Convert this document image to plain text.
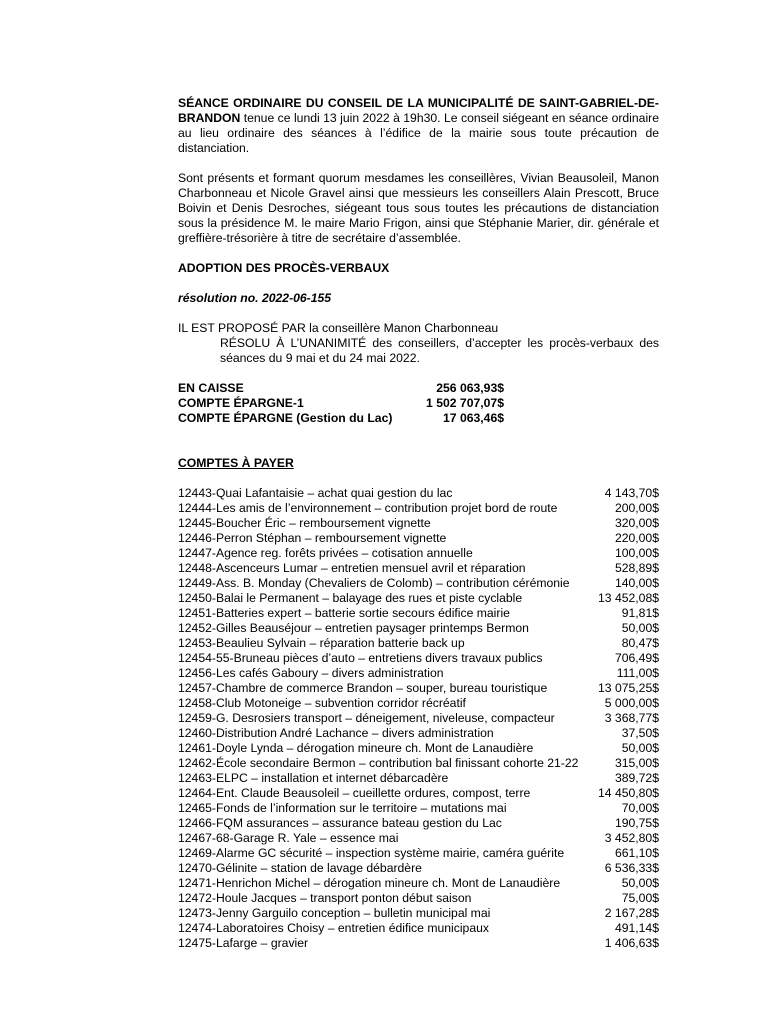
SÉANCE ORDINAIRE DU CONSEIL DE LA MUNICIPALITÉ DE SAINT-GABRIEL-DE-BRANDON tenue ce lundi 13 juin 2022 à 19h30. Le conseil siégeant en séance ordinaire au lieu ordinaire des séances à l’édifice de la mairie sous toute précaution de distanciation.

Sont présents et formant quorum mesdames les conseillères, Vivian Beausoleil, Manon Charbonneau et Nicole Gravel ainsi que messieurs les conseillers Alain Prescott, Bruce Boivin et Denis Desroches, siégeant tous sous toutes les précautions de distanciation sous la présidence M. le maire Mario Frigon, ainsi que Stéphanie Marier, dir. générale et greffière-trésorière à titre de secrétaire d’assemblée.

ADOPTION DES PROCÈS-VERBAUX

résolution no. 2022-06-155

IL EST PROPOSÉ PAR la conseillère Manon Charbonneau

RÉSOLU À L’UNANIMITÉ des conseillers, d’accepter les procès-verbaux des séances du 9 mai et du 24 mai 2022.

EN CAISSE	256 063,93$
COMPTE ÉPARGNE-1	1 502 707,07$
COMPTE ÉPARGNE (Gestion du Lac)	17 063,46$

COMPTES À PAYER

12443-Quai Lafantaisie – achat quai gestion du lac	4 143,70$
12444-Les amis de l’environnement – contribution projet bord de route	200,00$
12445-Boucher Éric – remboursement vignette	320,00$
12446-Perron Stéphan – remboursement vignette	220,00$
12447-Agence reg. forêts privées – cotisation annuelle	100,00$
12448-Ascenceurs Lumar – entretien mensuel avril et réparation	528,89$
12449-Ass. B. Monday (Chevaliers de Colomb) – contribution cérémonie	140,00$
12450-Balai le Permanent – balayage des rues et piste cyclable	13 452,08$
12451-Batteries expert – batterie sortie secours édifice mairie	91,81$
12452-Gilles Beauséjour – entretien paysager printemps Bermon	50,00$
12453-Beaulieu Sylvain – réparation batterie back up	80,47$
12454-55-Bruneau pièces d’auto – entretiens divers travaux publics	706,49$
12456-Les cafés Gaboury – divers administration	111,00$
12457-Chambre de commerce Brandon – souper, bureau touristique	13 075,25$
12458-Club Motoneige – subvention corridor récréatif	5 000,00$
12459-G. Desrosiers transport – déneigement, niveleuse, compacteur	3 368,77$
12460-Distribution André Lachance – divers administration	37,50$
12461-Doyle Lynda – dérogation mineure ch. Mont de Lanaudière	50,00$
12462-École secondaire Bermon – contribution bal finissant cohorte 21-22	315,00$
12463-ELPC – installation et internet débarcadère	389,72$
12464-Ent. Claude Beausoleil – cueillette ordures, compost, terre	14 450,80$
12465-Fonds de l’information sur le territoire – mutations mai	70,00$
12466-FQM assurances – assurance bateau gestion du Lac	190,75$
12467-68-Garage R. Yale – essence mai	3 452,80$
12469-Alarme GC sécurité – inspection système mairie, caméra guérite	661,10$
12470-Gélinite – station de lavage débardère	6 536,33$
12471-Henrichon Michel – dérogation mineure ch. Mont de Lanaudière	50,00$
12472-Houle Jacques – transport ponton début saison	75,00$
12473-Jenny Garguilo conception – bulletin municipal mai	2 167,28$
12474-Laboratoires Choisy – entretien édifice municipaux	491,14$
12475-Lafarge – gravier	1 406,63$
